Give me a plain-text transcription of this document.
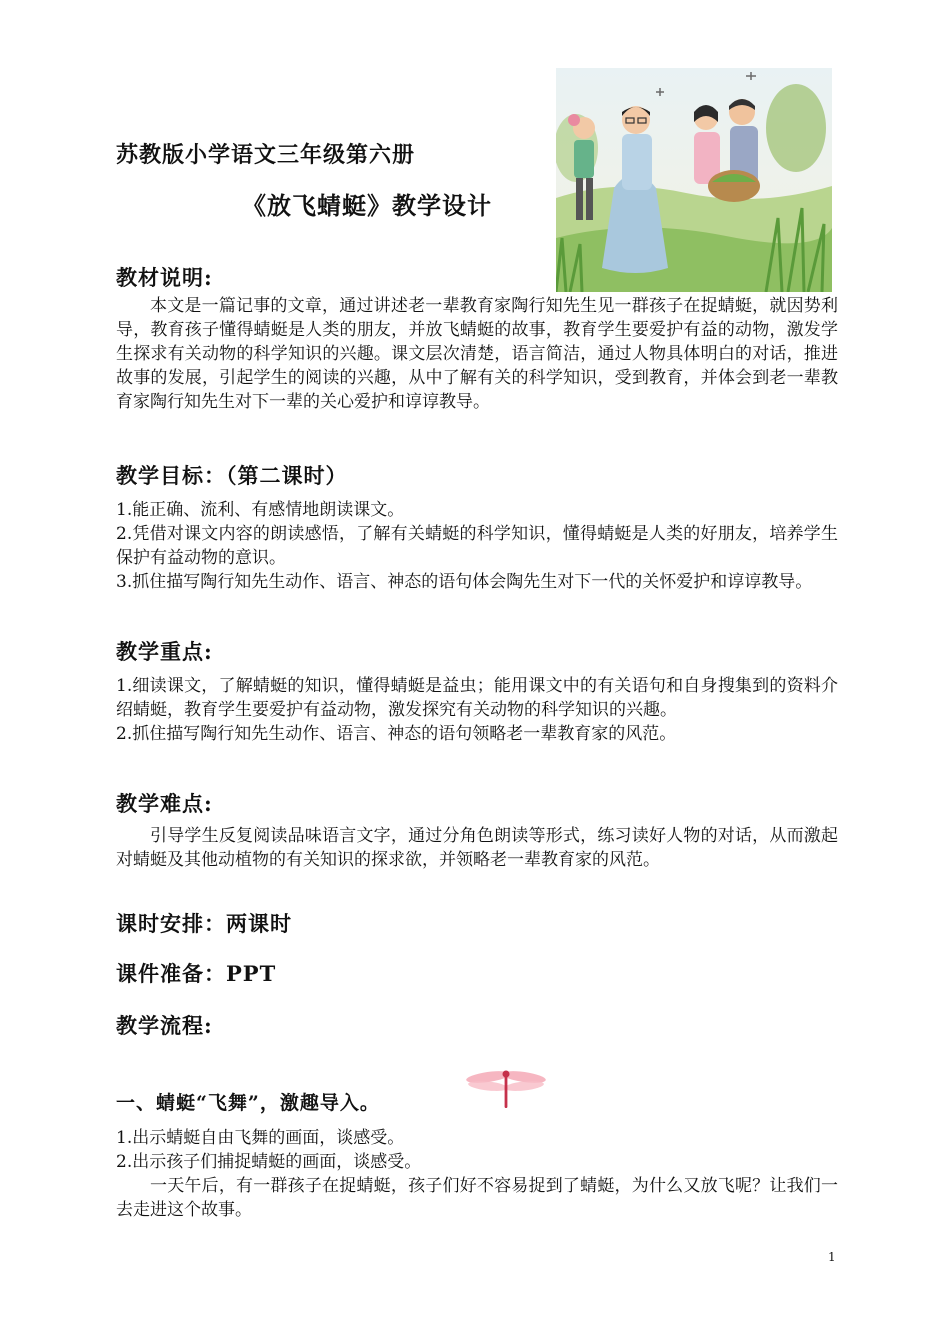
苏教版小学语文三年级第六册
《放飞蜻蜓》教学设计
教材说明:

本文是一篇记事的文章，通过讲述老一辈教育家陶行知先生见一群孩子在捉蜻蜓，就因势利导，教育孩子懂得蜻蜓是人类的朋友，并放飞蜻蜓的故事，教育学生要爱护有益的动物，激发学生探求有关动物的科学知识的兴趣。课文层次清楚，语言简洁，通过人物具体明白的对话，推进故事的发展，引起学生的阅读的兴趣，从中了解有关的科学知识，受到教育，并体会到老一辈教育家陶行知先生对下一辈的关心爱护和谆谆教导。

教学目标：（第二课时）
1.能正确、流利、有感情地朗读课文。
2.凭借对课文内容的朗读感悟，了解有关蜻蜓的科学知识，懂得蜻蜓是人类的好朋友，培养学生保护有益动物的意识。
3.抓住描写陶行知先生动作、语言、神态的语句体会陶先生对下一代的关怀爱护和谆谆教导。
教学重点:
1.细读课文，了解蜻蜓的知识，懂得蜻蜓是益虫；能用课文中的有关语句和自身搜集到的资料介绍蜻蜓，教育学生要爱护有益动物，激发探究有关动物的科学知识的兴趣。
2.抓住描写陶行知先生动作、语言、神态的语句领略老一辈教育家的风范。
教学难点:

引导学生反复阅读品味语言文字，通过分角色朗读等形式，练习读好人物的对话，从而激起对蜻蜓及其他动植物的有关知识的探求欲，并领略老一辈教育家的风范。

课时安排：两课时
课件准备：PPT
教学流程:
一、蜻蜓“飞舞”，激趣导入。
1.出示蜻蜓自由飞舞的画面，谈感受。
2.出示孩子们捕捉蜻蜓的画面，谈感受。

一天午后，有一群孩子在捉蜻蜓，孩子们好不容易捉到了蜻蜓，为什么又放飞呢？让我们一去走进这个故事。

1
